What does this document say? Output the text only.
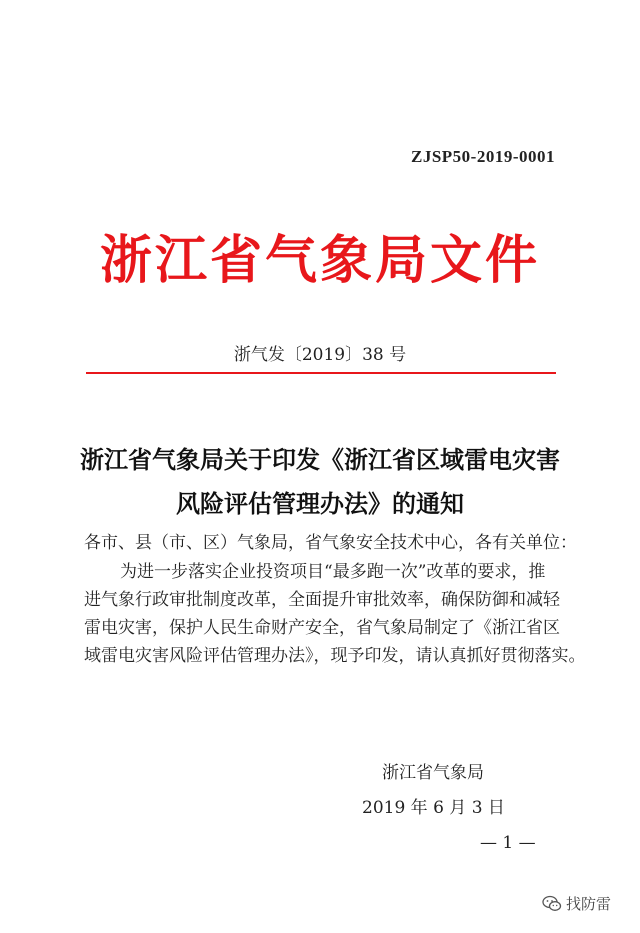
ZJSP50-2019-0001
浙江省气象局文件
浙气发〔2019〕38 号
浙江省气象局关于印发《浙江省区域雷电灾害
风险评估管理办法》的通知
各市、县（市、区）气象局，省气象安全技术中心，各有关单位：
为进一步落实企业投资项目“最多跑一次”改革的要求，推
进气象行政审批制度改革，全面提升审批效率，确保防御和减轻
雷电灾害，保护人民生命财产安全，省气象局制定了《浙江省区
域雷电灾害风险评估管理办法》，现予印发，请认真抓好贯彻落实。
浙江省气象局
2019 年 6 月 3 日
— 1 —
找防雷
